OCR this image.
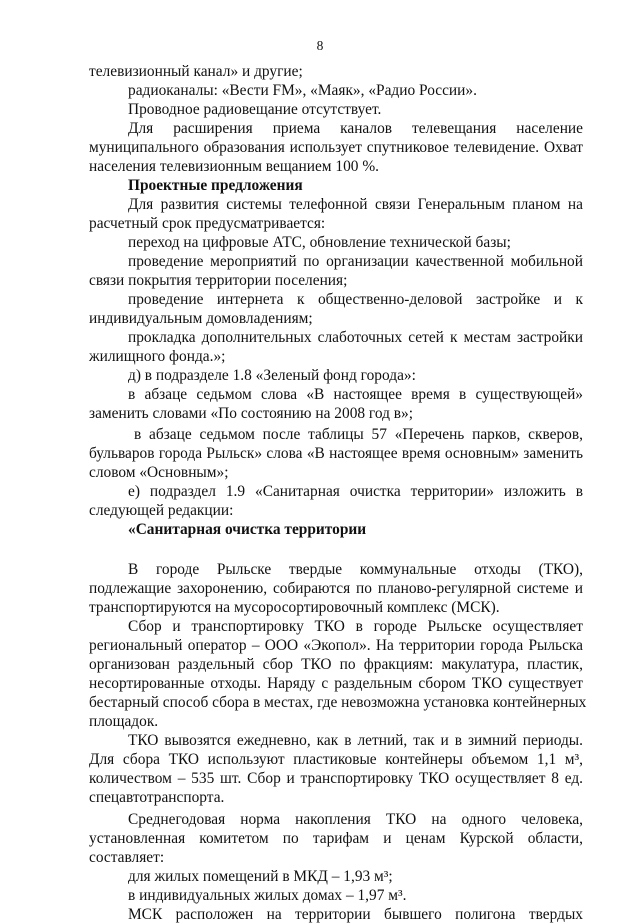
8
телевизионный канал» и другие;
радиоканалы: «Вести FM», «Маяк», «Радио России».
Проводное радиовещание отсутствует.
Для расширения приема каналов телевещания население
муниципального образования использует спутниковое телевидение. Охват
населения телевизионным вещанием 100 %.
Проектные предложения
Для развития системы телефонной связи Генеральным планом на
расчетный срок предусматривается:
переход на цифровые АТС, обновление технической базы;
проведение мероприятий по организации качественной мобильной
связи покрытия территории поселения;
проведение интернета к общественно-деловой застройке и к
индивидуальным домовладениям;
прокладка дополнительных слаботочных сетей к местам застройки
жилищного фонда.»;
д) в подразделе 1.8 «Зеленый фонд города»:
в абзаце седьмом слова «В настоящее время в существующей»
заменить словами «По состоянию на 2008 год в»;
в абзаце седьмом после таблицы 57 «Перечень парков, скверов,
бульваров города Рыльск» слова «В настоящее время основным» заменить
словом «Основным»;
е) подраздел 1.9 «Санитарная очистка территории» изложить в
следующей редакции:
«Санитарная очистка территории
В городе Рыльске твердые коммунальные отходы (ТКО),
подлежащие захоронению, собираются по планово-регулярной системе и
транспортируются на мусоросортировочный комплекс (МСК).
Сбор и транспортировку ТКО в городе Рыльске осуществляет
региональный оператор – ООО «Экопол». На территории города Рыльска
организован раздельный сбор ТКО по фракциям: макулатура, пластик,
несортированные отходы. Наряду с раздельным сбором ТКО существует
бестарный способ сбора в местах, где невозможна установка контейнерных
площадок.
ТКО вывозятся ежедневно, как в летний, так и в зимний периоды.
Для сбора ТКО используют пластиковые контейнеры объемом 1,1 м³,
количеством – 535 шт. Сбор и транспортировку ТКО осуществляет 8 ед.
спецавтотранспорта.
Среднегодовая норма накопления ТКО на одного человека,
установленная комитетом по тарифам и ценам Курской области,
составляет:
для жилых помещений в МКД – 1,93 м³;
в индивидуальных жилых домах – 1,97 м³.
МСК расположен на территории бывшего полигона твердых
